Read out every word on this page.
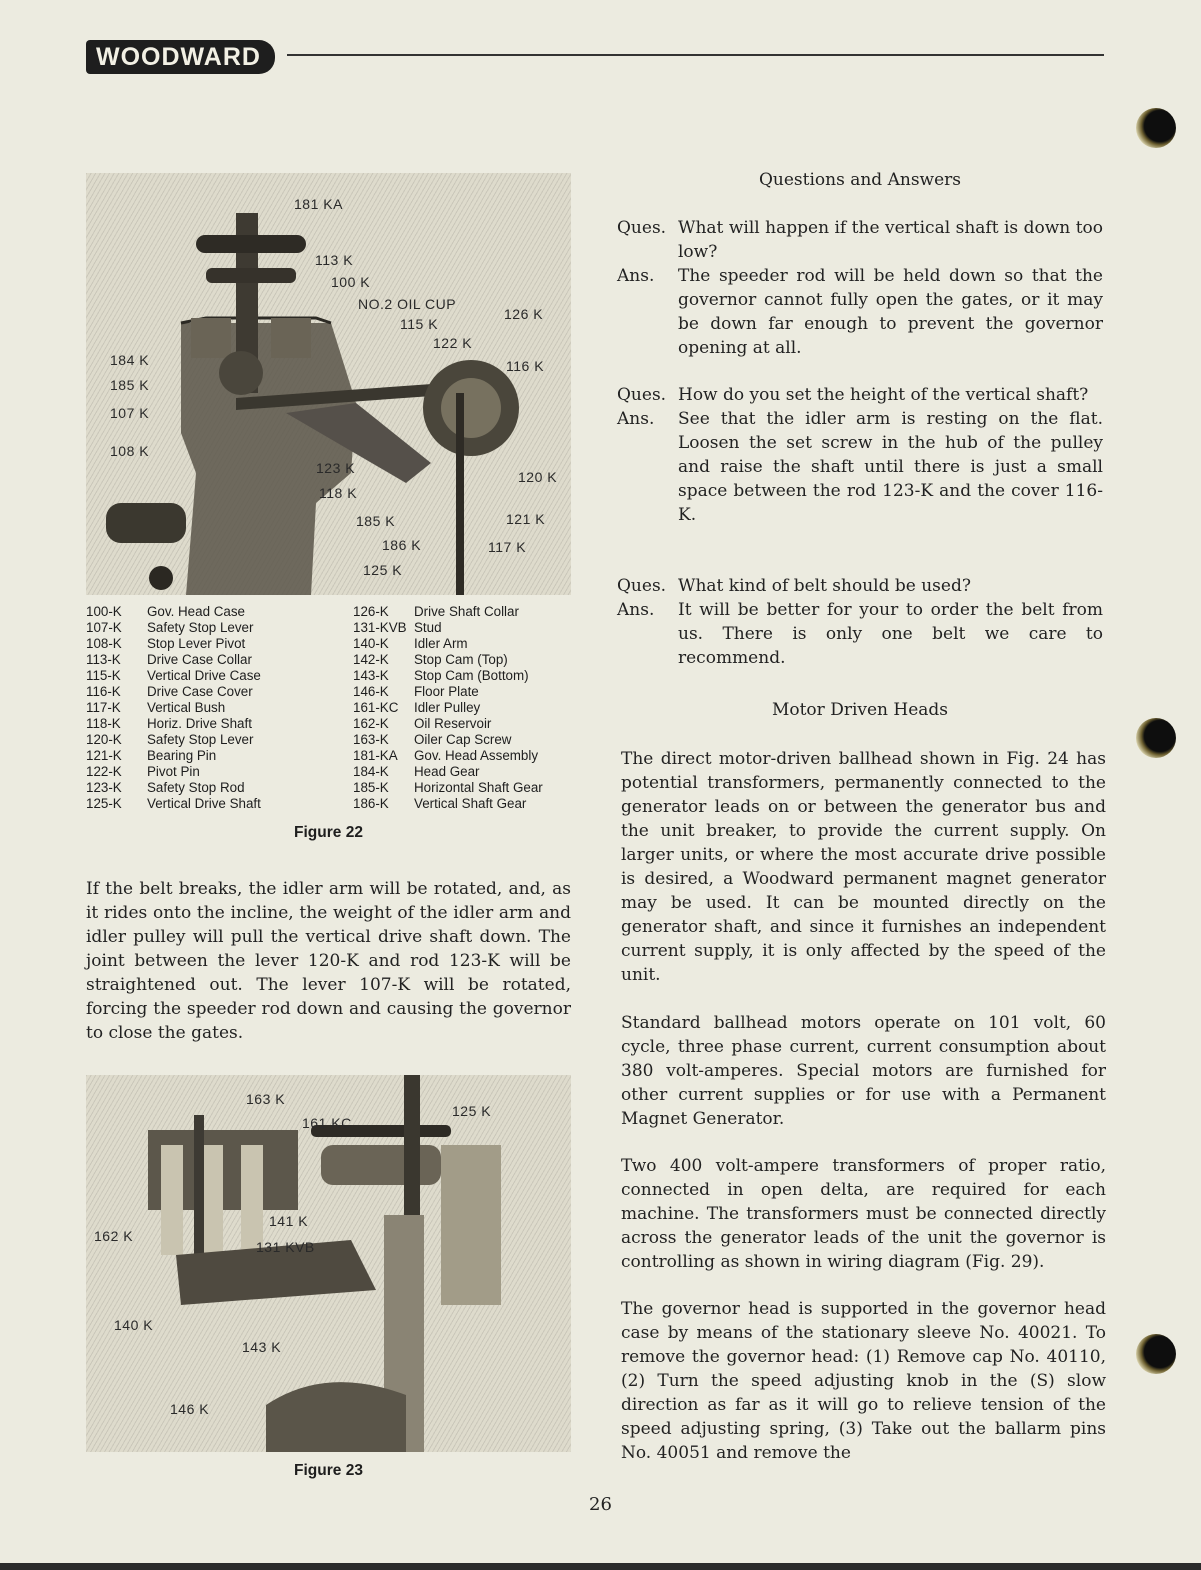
WOODWARD
181 KA
113 K
100 K
NO.2 OIL CUP
115 K
126 K
122 K
184 K
185 K
107 K
116 K
108 K
123 K
120 K
118 K
185 K	121 K
186 K	117 K
125 K
100-K	Gov. Head Case
107-K	Safety Stop Lever
108-K	Stop Lever Pivot
113-K	Drive Case Collar
115-K	Vertical Drive Case
116-K	Drive Case Cover
117-K	Vertical Bush
118-K	Horiz. Drive Shaft
120-K	Safety Stop Lever
121-K	Bearing Pin
122-K	Pivot Pin
123-K	Safety Stop Rod
125-K	Vertical Drive Shaft
126-K	Drive Shaft Collar
131-KVB Stud
140-K	Idler Arm
142-K	Stop Cam (Top)
143-K	Stop Cam (Bottom)
146-K	Floor Plate
161-KC	Idler Pulley
162-K	Oil Reservoir
163-K	Oiler Cap Screw
181-KA	Gov. Head Assembly
184-K	Head Gear
185-K	Horizontal Shaft Gear
186-K	Vertical Shaft Gear
Figure 22
If the belt breaks, the idler arm will be rotated, and, as it rides onto the incline, the weight of the idler arm and idler pulley will pull the vertical drive shaft down. The joint between the lever 120-K and rod 123-K will be straightened out. The lever 107-K will be rotated, forcing the speeder rod down and causing the governor to close the gates.
163 K
161 KC
125 K
162 K
141 K
131 KVB
140 K
143 K
146 K
Figure 23
Questions and Answers
Ques. What will happen if the vertical shaft is down too low?
Ans.	The speeder rod will be held down so that the governor cannot fully open the gates, or it may be down far enough to prevent the governor opening at all.
Ques. How do you set the height of the vertical shaft?
Ans.	See that the idler arm is resting on the flat. Loosen the set screw in the hub of the pulley and raise the shaft until there is just a small space between the rod 123-K and the cover 116-K.
Ques. What kind of belt should be used?
Ans.	It will be better for your to order the belt from us. There is only one belt we care to recommend.
Motor Driven Heads
The direct motor-driven ballhead shown in Fig. 24 has potential transformers, permanently connected to the generator leads on or between the generator bus and the unit breaker, to provide the current supply. On larger units, or where the most accurate drive possible is desired, a Woodward permanent magnet generator may be used. It can be mounted directly on the generator shaft, and since it furnishes an independent current supply, it is only affected by the speed of the unit.
Standard ballhead motors operate on 101 volt, 60 cycle, three phase current, current consumption about 380 volt-amperes. Special motors are furnished for other current supplies or for use with a Permanent Magnet Generator.
Two 400 volt-ampere transformers of proper ratio, connected in open delta, are required for each machine. The transformers must be connected directly across the generator leads of the unit the governor is controlling as shown in wiring diagram (Fig. 29).
The governor head is supported in the governor head case by means of the stationary sleeve No. 40021. To remove the governor head: (1) Remove cap No. 40110, (2) Turn the speed adjusting knob in the (S) slow direction as far as it will go to relieve tension of the speed adjusting spring, (3) Take out the ballarm pins No. 40051 and remove the
26
